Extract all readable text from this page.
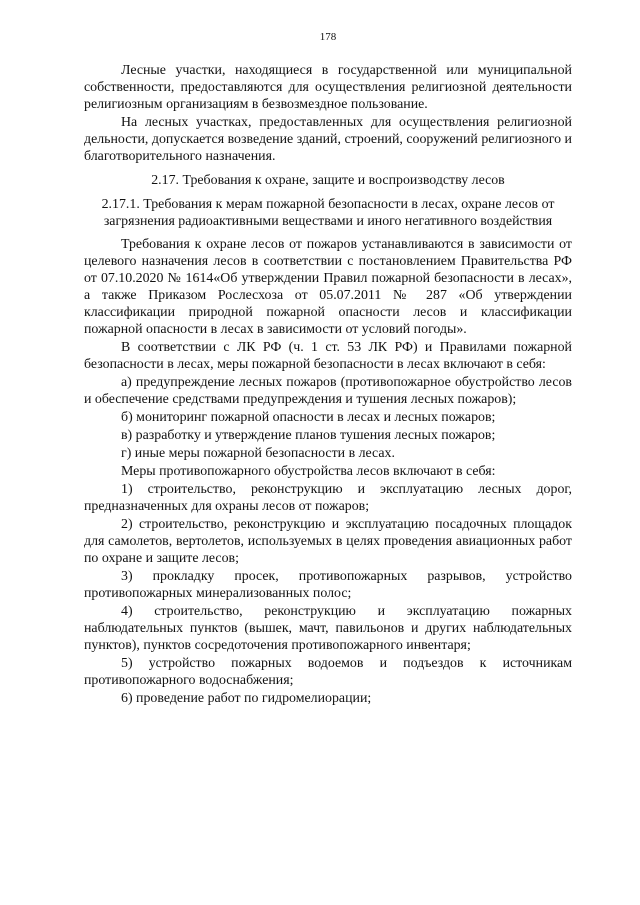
178

Лесные участки, находящиеся в государственной или муниципальной собственности, предоставляются для осуществления религиозной деятельности религиозным организациям в безвозмездное пользование.

На лесных участках, предоставленных для осуществления религиозной дельности, допускается возведение зданий, строений, сооружений религиозного и благотворительного назначения.

2.17. Требования к охране, защите и воспроизводству лесов
2.17.1. Требования к мерам пожарной безопасности в лесах, охране лесов от загрязнения радиоактивными веществами и иного негативного воздействия

Требования к охране лесов от пожаров устанавливаются в зависимости от целевого назначения лесов в соответствии с постановлением Правительства РФ от 07.10.2020 № 1614«Об утверждении Правил пожарной безопасности в лесах», а также Приказом Рослесхоза от 05.07.2011 № 287 «Об утверждении классификации природной пожарной опасности лесов и классификации пожарной опасности в лесах в зависимости от условий погоды».

В соответствии с ЛК РФ (ч. 1 ст. 53 ЛК РФ) и Правилами пожарной безопасности в лесах, меры пожарной безопасности в лесах включают в себя:

а) предупреждение лесных пожаров (противопожарное обустройство лесов и обеспечение средствами предупреждения и тушения лесных пожаров);

б) мониторинг пожарной опасности в лесах и лесных пожаров;

в) разработку и утверждение планов тушения лесных пожаров;

г) иные меры пожарной безопасности в лесах.

Меры противопожарного обустройства лесов включают в себя:

1) строительство, реконструкцию и эксплуатацию лесных дорог, предназначенных для охраны лесов от пожаров;

2) строительство, реконструкцию и эксплуатацию посадочных площадок для самолетов, вертолетов, используемых в целях проведения авиационных работ по охране и защите лесов;

3) прокладку просек, противопожарных разрывов, устройство противопожарных минерализованных полос;

4) строительство, реконструкцию и эксплуатацию пожарных наблюдательных пунктов (вышек, мачт, павильонов и других наблюдательных пунктов), пунктов сосредоточения противопожарного инвентаря;

5) устройство пожарных водоемов и подъездов к источникам противопожарного водоснабжения;

6) проведение работ по гидромелиорации;
